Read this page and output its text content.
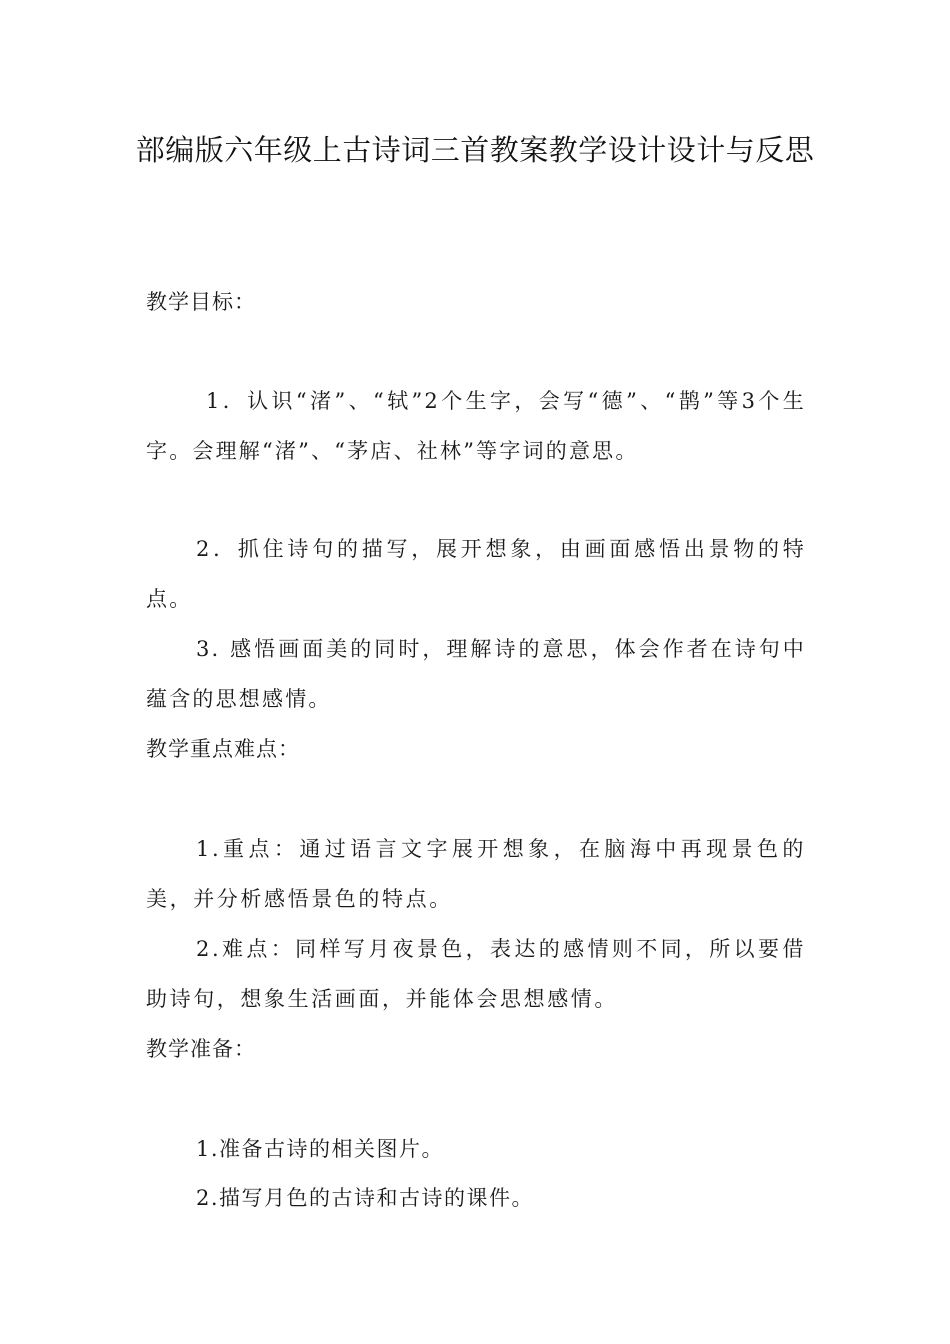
部编版六年级上古诗词三首教案教学设计设计与反思
教学目标：
1．认识“渚”、“轼”2个生字，会写“德”、“鹊”等3个生字。会理解“渚”、“茅店、社林”等字词的意思。
2．抓住诗句的描写，展开想象，由画面感悟出景物的特点。
3. 感悟画面美的同时，理解诗的意思，体会作者在诗句中蕴含的思想感情。
教学重点难点：
1.重点：通过语言文字展开想象，在脑海中再现景色的美，并分析感悟景色的特点。
2.难点：同样写月夜景色，表达的感情则不同，所以要借助诗句，想象生活画面，并能体会思想感情。
教学准备：
1.准备古诗的相关图片。
2.描写月色的古诗和古诗的课件。
